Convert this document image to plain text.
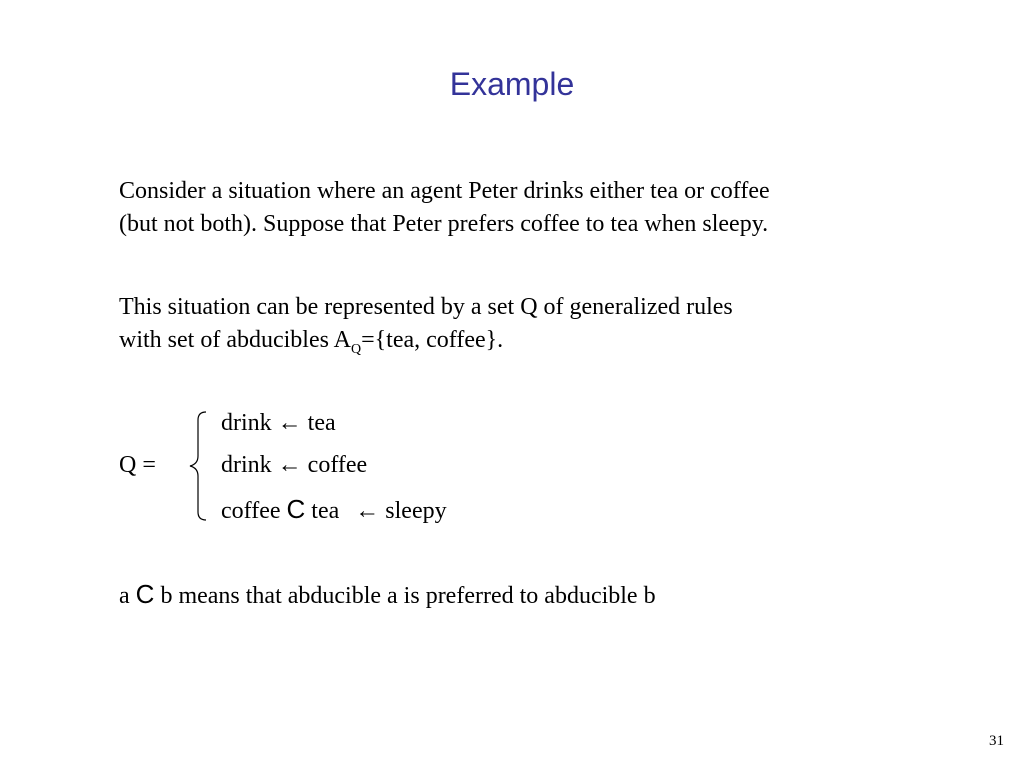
Example

Consider a situation where an agent Peter drinks either tea or coffee

(but not both). Suppose that Peter prefers coffee to tea when sleepy.

This situation can be represented by a set Q of generalized rules

with set of abducibles $A_Q=\{tea$, coffee}.

Q =
drink ← tea
drink ← coffee
coffee C tea ← sleepy
a C b means that abducible a is preferred to abducible b
31
